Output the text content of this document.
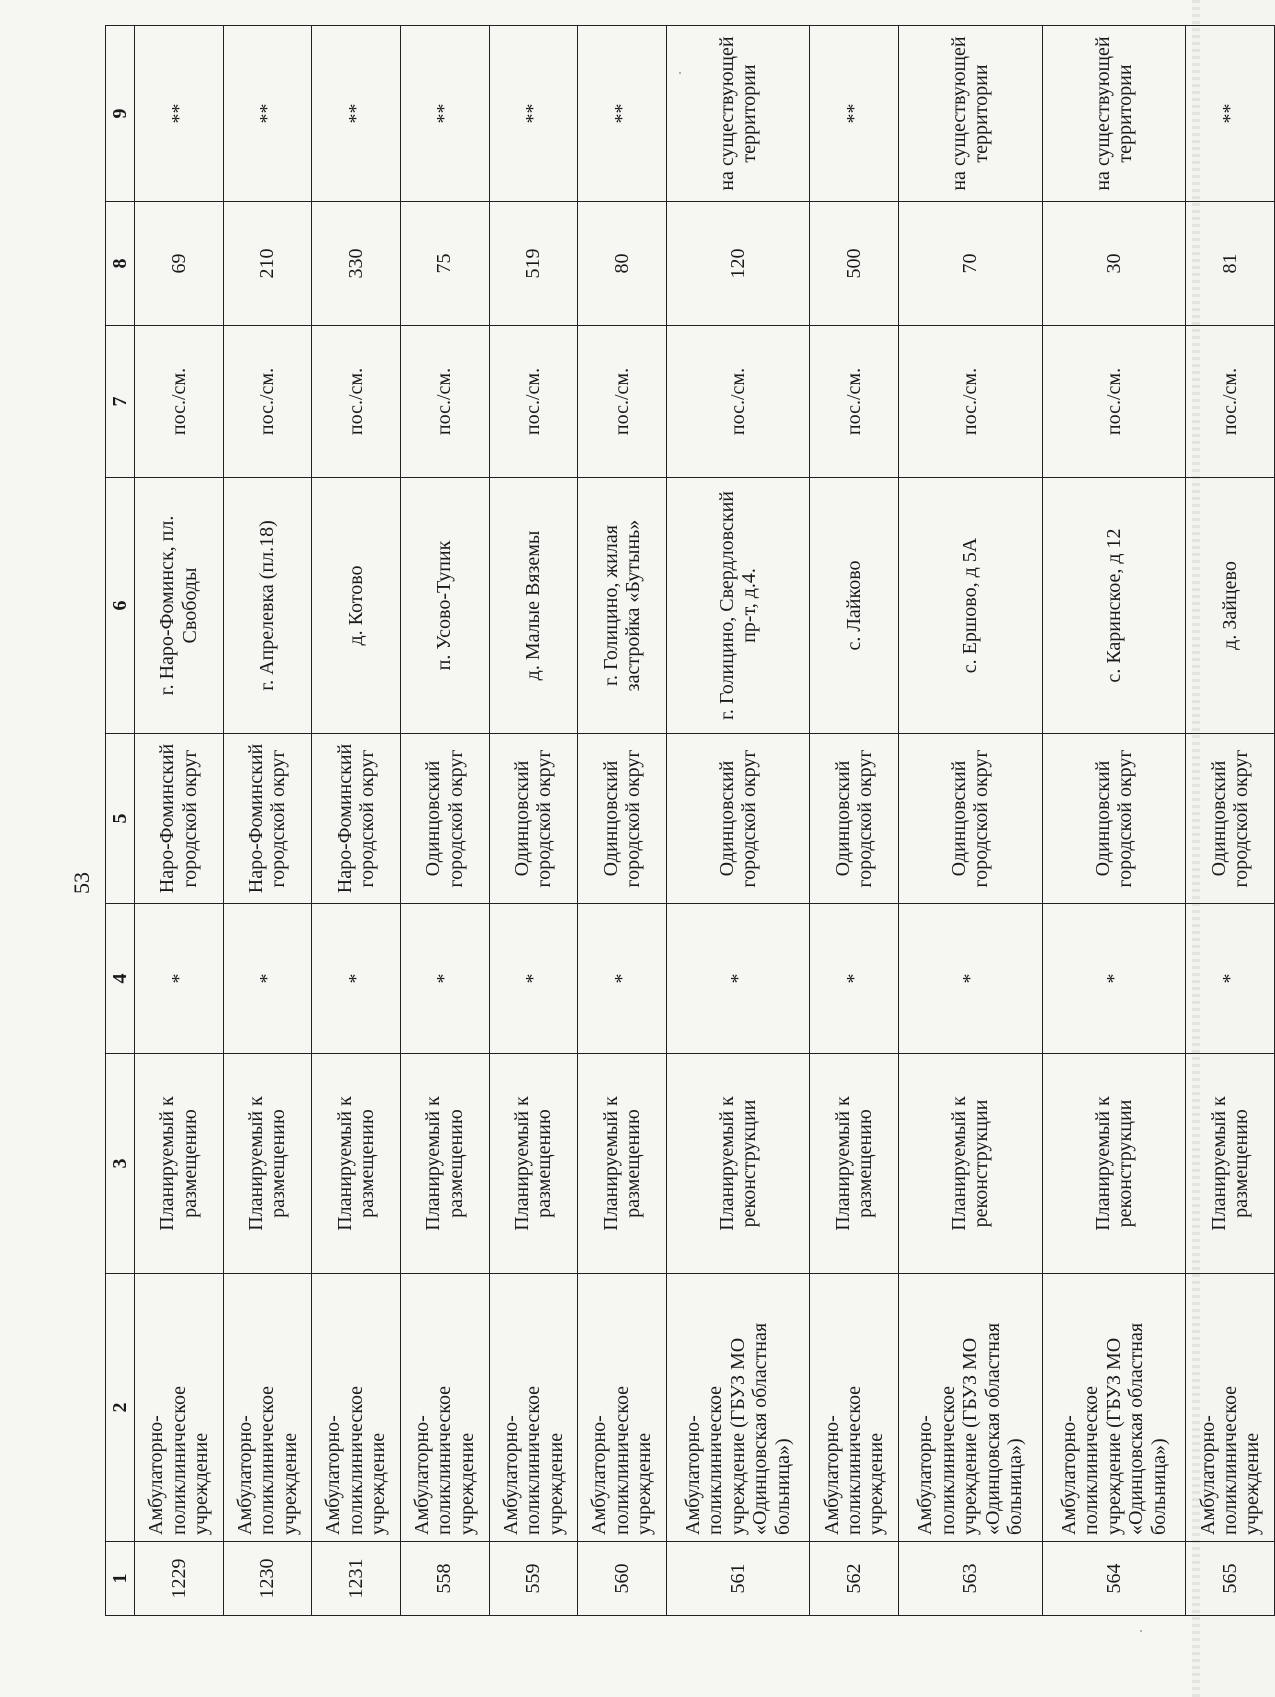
53
1	2	3	4	5	6	7	8	9
1229	Амбулаторно-поликлиническое учреждение	Планируемый к размещению	*	Наро-Фоминский городской округ	г. Наро-Фоминск, пл. Свободы	пос./см.	69	**
1230	Амбулаторно-поликлиническое учреждение	Планируемый к размещению	*	Наро-Фоминский городской округ	г. Апрелевка (пл.18)	пос./см.	210	**
1231	Амбулаторно-поликлиническое учреждение	Планируемый к размещению	*	Наро-Фоминский городской округ	д. Котово	пос./см.	330	**
558	Амбулаторно-поликлиническое учреждение	Планируемый к размещению	*	Одинцовский городской округ	п. Усово-Тупик	пос./см.	75	**
559	Амбулаторно-поликлиническое учреждение	Планируемый к размещению	*	Одинцовский городской округ	д. Малые Вяземы	пос./см.	519	**
560	Амбулаторно-поликлиническое учреждение	Планируемый к размещению	*	Одинцовский городской округ	г. Голицино, жилая застройка «Бутынь»	пос./см.	80	**
561	Амбулаторно-поликлиническое учреждение (ГБУЗ МО «Одинцовская областная больница»)	Планируемый к реконструкции	*	Одинцовский городской округ	г. Голицино, Свердловский пр-т, д.4.	пос./см.	120	на существующей территории
562	Амбулаторно-поликлиническое учреждение	Планируемый к размещению	*	Одинцовский городской округ	с. Лайково	пос./см.	500	**
563	Амбулаторно-поликлиническое учреждение (ГБУЗ МО «Одинцовская областная больница»)	Планируемый к реконструкции	*	Одинцовский городской округ	с. Ершово, д 5А	пос./см.	70	на существующей территории
564	Амбулаторно-поликлиническое учреждение (ГБУЗ МО «Одинцовская областная больница»)	Планируемый к реконструкции	*	Одинцовский городской округ	с. Каринское, д 12	пос./см.	30	на существующей территории
565	Амбулаторно-поликлиническое учреждение	Планируемый к размещению	*	Одинцовский городской округ	д. Зайцево	пос./см.	81	**
